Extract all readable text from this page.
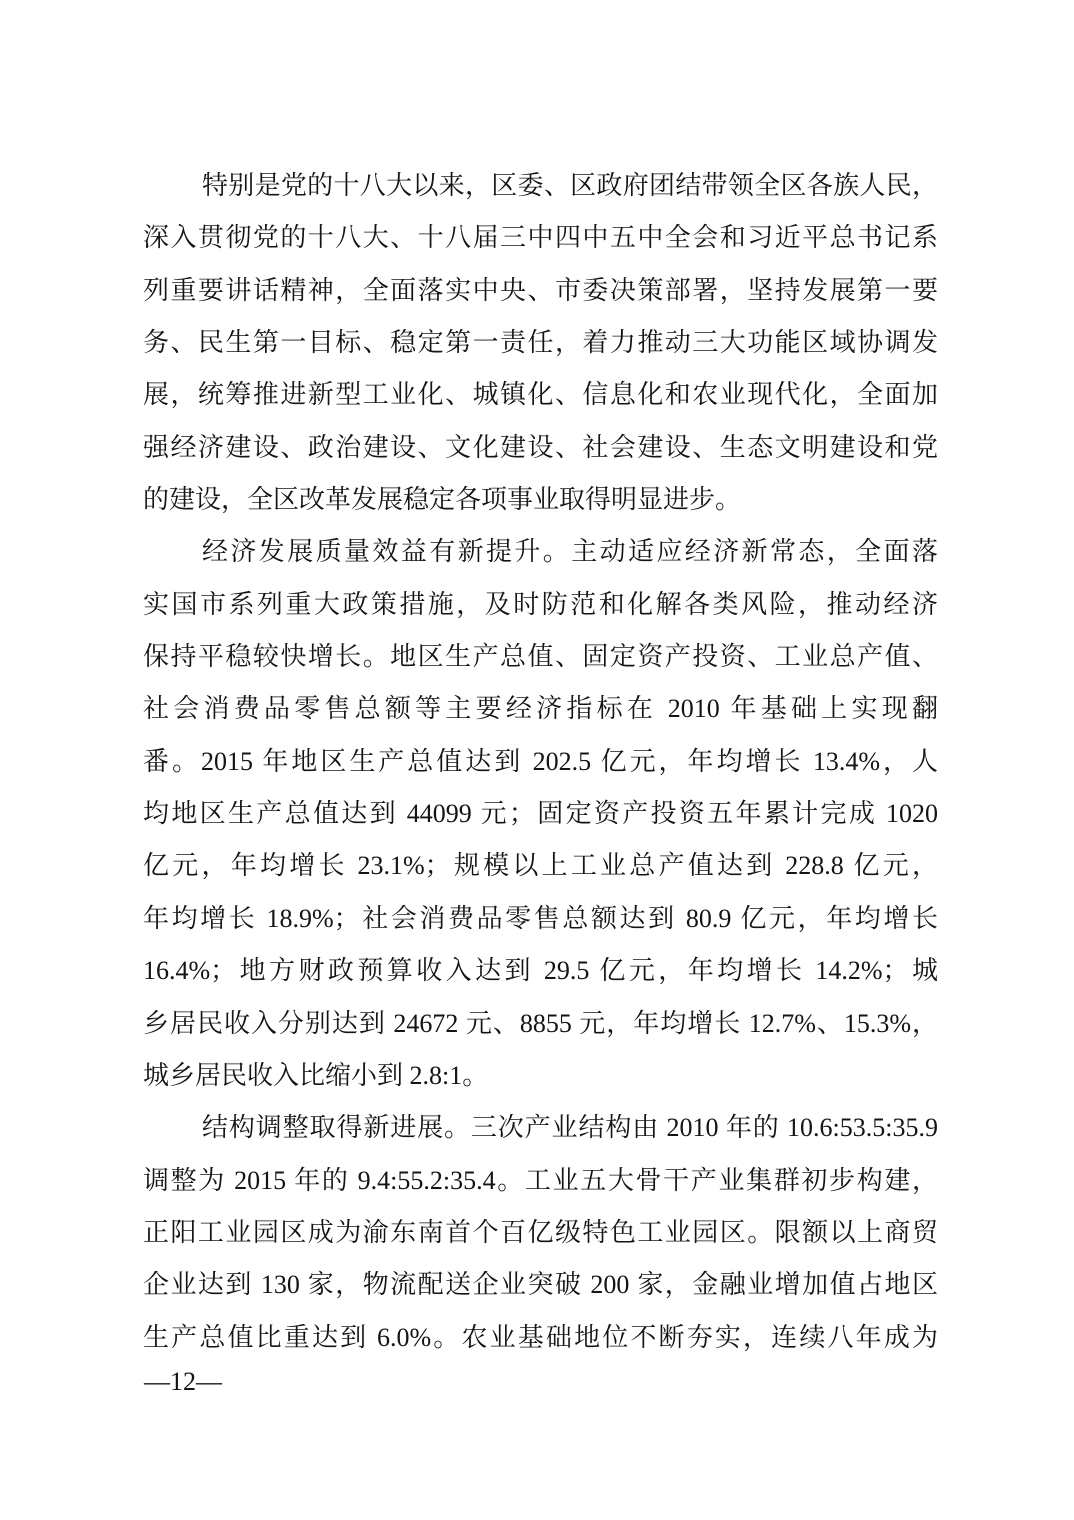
特别是党的十八大以来，区委、区政府团结带领全区各族人民，
深入贯彻党的十八大、十八届三中四中五中全会和习近平总书记系
列重要讲话精神，全面落实中央、市委决策部署，坚持发展第一要
务、民生第一目标、稳定第一责任，着力推动三大功能区域协调发
展，统筹推进新型工业化、城镇化、信息化和农业现代化，全面加
强经济建设、政治建设、文化建设、社会建设、生态文明建设和党
的建设，全区改革发展稳定各项事业取得明显进步。
经济发展质量效益有新提升。主动适应经济新常态，全面落
实国市系列重大政策措施，及时防范和化解各类风险，推动经济
保持平稳较快增长。地区生产总值、固定资产投资、工业总产值、
社会消费品零售总额等主要经济指标在 2010 年基础上实现翻
番。2015 年地区生产总值达到 202.5 亿元，年均增长 13.4%，人
均地区生产总值达到 44099 元；固定资产投资五年累计完成 1020
亿元，年均增长 23.1%；规模以上工业总产值达到 228.8 亿元，
年均增长 18.9%；社会消费品零售总额达到 80.9 亿元，年均增长
16.4%；地方财政预算收入达到 29.5 亿元，年均增长 14.2%；城
乡居民收入分别达到 24672 元、8855 元，年均增长 12.7%、15.3%，
城乡居民收入比缩小到 2.8:1。
结构调整取得新进展。三次产业结构由 2010 年的 10.6:53.5:35.9
调整为 2015 年的 9.4:55.2:35.4。工业五大骨干产业集群初步构建，
正阳工业园区成为渝东南首个百亿级特色工业园区。限额以上商贸
企业达到 130 家，物流配送企业突破 200 家，金融业增加值占地区
生产总值比重达到 6.0%。农业基础地位不断夯实，连续八年成为
—12—
